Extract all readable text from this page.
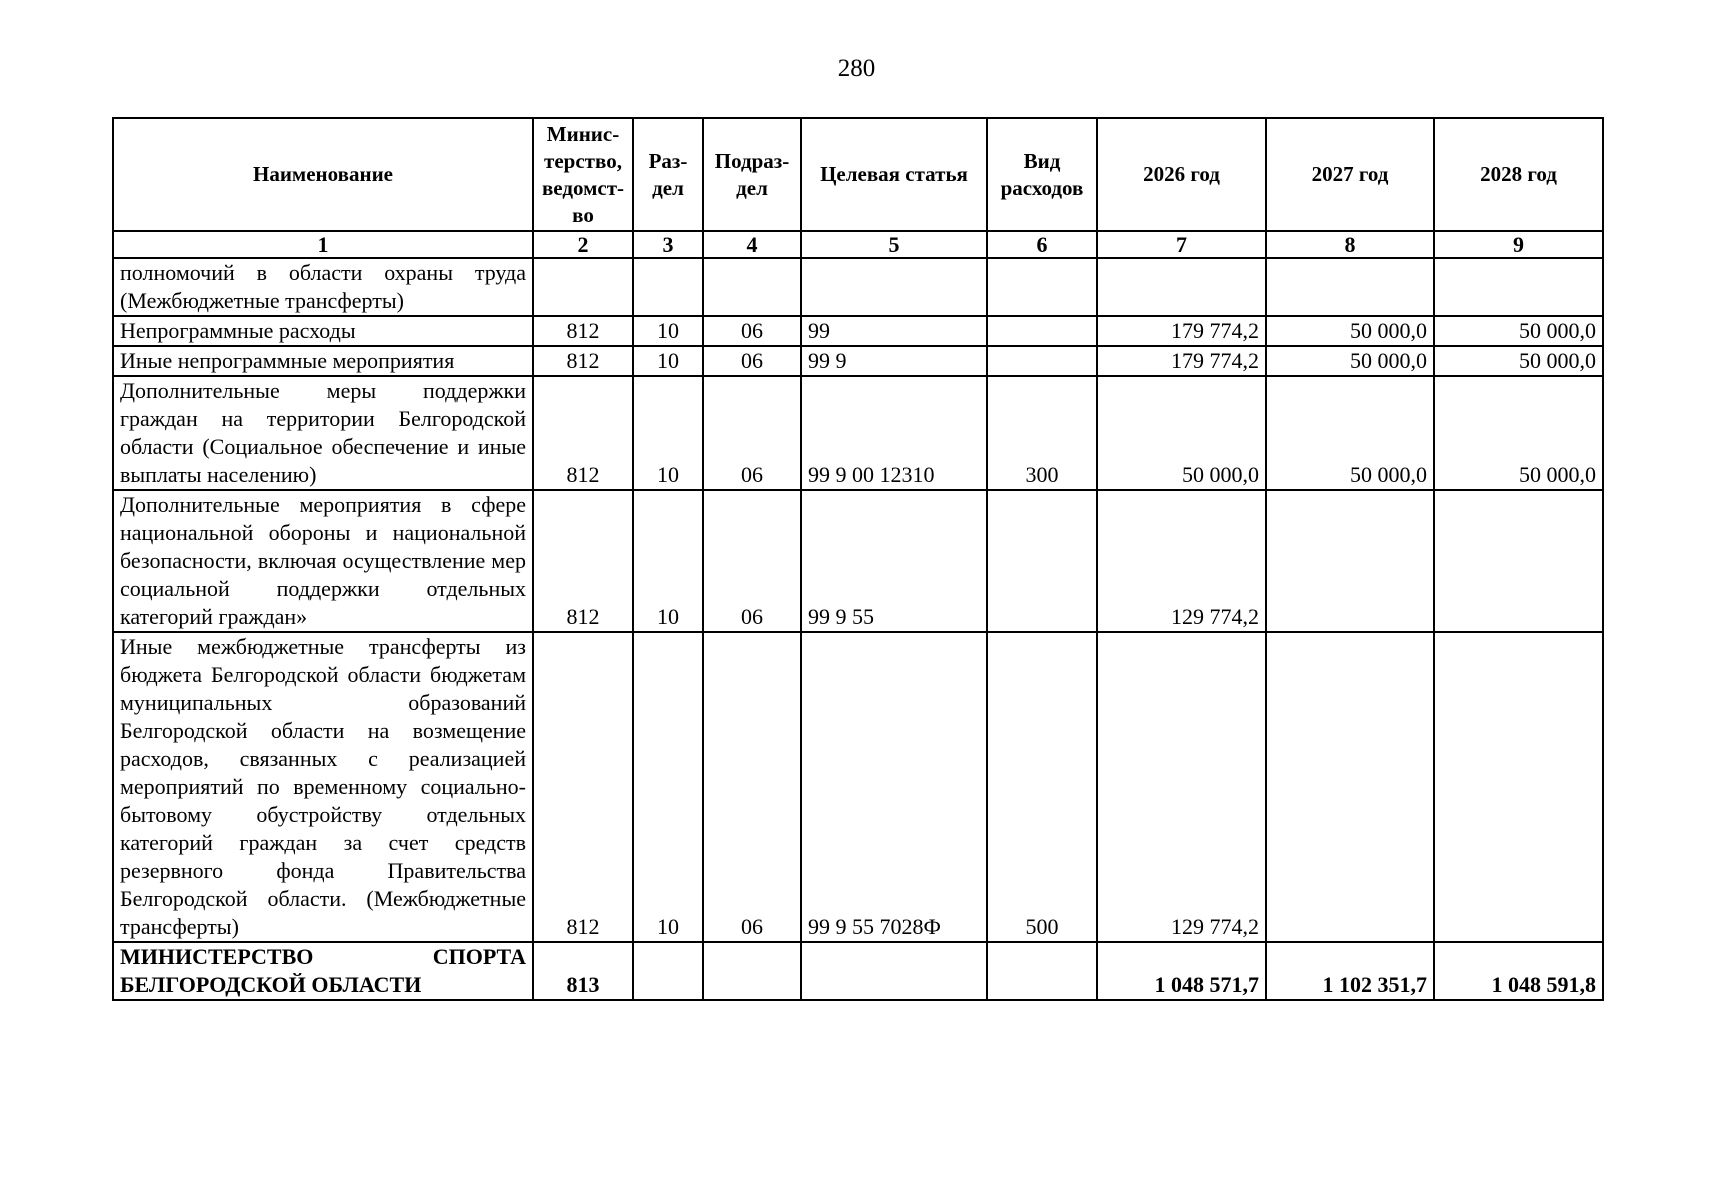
280
Наименование	Минис-терство, ведомст-во	Раз-дел	Подраз-дел	Целевая статья	Вид расходов	2026 год	2027 год	2028 год
1	2	3	4	5	6	7	8	9
полномочий в области охраны труда (Межбюджетные трансферты)								
Непрограммные расходы	812	10	06	99		179 774,2	50 000,0	50 000,0
Иные непрограммные мероприятия	812	10	06	99 9		179 774,2	50 000,0	50 000,0
Дополнительные меры поддержки граждан на территории Белгородской области (Социальное обеспечение и иные выплаты населению)	812	10	06	99 9 00 12310	300	50 000,0	50 000,0	50 000,0
Дополнительные мероприятия в сфере национальной обороны и национальной безопасности, включая осуществление мер социальной поддержки отдельных категорий граждан»	812	10	06	99 9 55		129 774,2		
Иные межбюджетные трансферты из бюджета Белгородской области бюджетам муниципальных образований Белгородской области на возмещение расходов, связанных с реализацией мероприятий по временному социально-бытовому обустройству отдельных категорий граждан за счет средств резервного фонда Правительства Белгородской области. (Межбюджетные трансферты)	812	10	06	99 9 55 7028Ф	500	129 774,2		
МИНИСТЕРСТВО СПОРТА БЕЛГОРОДСКОЙ ОБЛАСТИ	813					1 048 571,7	1 102 351,7	1 048 591,8
